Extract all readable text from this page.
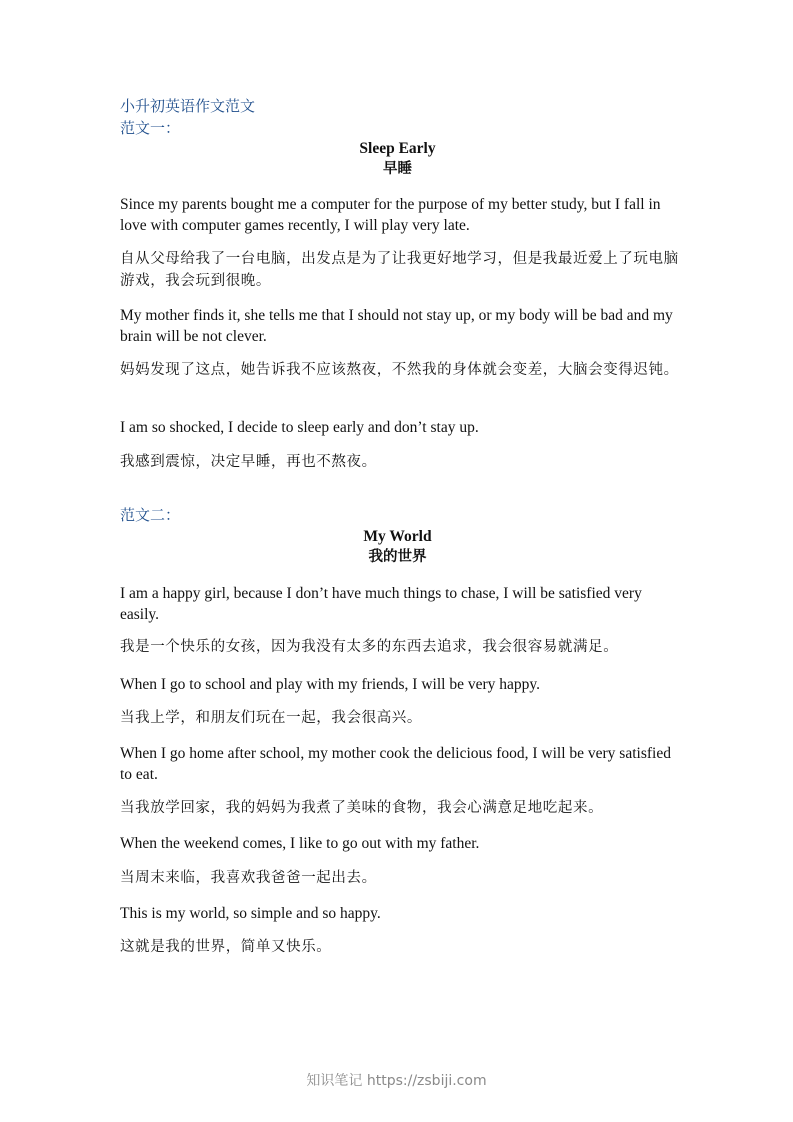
小升初英语作文范文
范文一：
Sleep Early
早睡

Since my parents bought me a computer for the purpose of my better study, but I fall in love with computer games recently, I will play very late.

自从父母给我了一台电脑，出发点是为了让我更好地学习，但是我最近爱上了玩电脑游戏，我会玩到很晚。

My mother finds it, she tells me that I should not stay up, or my body will be bad and my brain will be not clever.

妈妈发现了这点，她告诉我不应该熬夜，不然我的身体就会变差，大脑会变得迟钝。

I am so shocked, I decide to sleep early and don’t stay up.

我感到震惊，决定早睡，再也不熬夜。

范文二：
My World
我的世界

I am a happy girl, because I don’t have much things to chase, I will be satisfied very easily.

我是一个快乐的女孩，因为我没有太多的东西去追求，我会很容易就满足。

When I go to school and play with my friends, I will be very happy.

当我上学，和朋友们玩在一起，我会很高兴。

When I go home after school, my mother cook the delicious food, I will be very satisfied to eat.

当我放学回家，我的妈妈为我煮了美味的食物，我会心满意足地吃起来。

When the weekend comes, I like to go out with my father.

当周末来临，我喜欢我爸爸一起出去。

This is my world, so simple and so happy.

这就是我的世界，简单又快乐。

知识笔记 https://zsbiji.com
